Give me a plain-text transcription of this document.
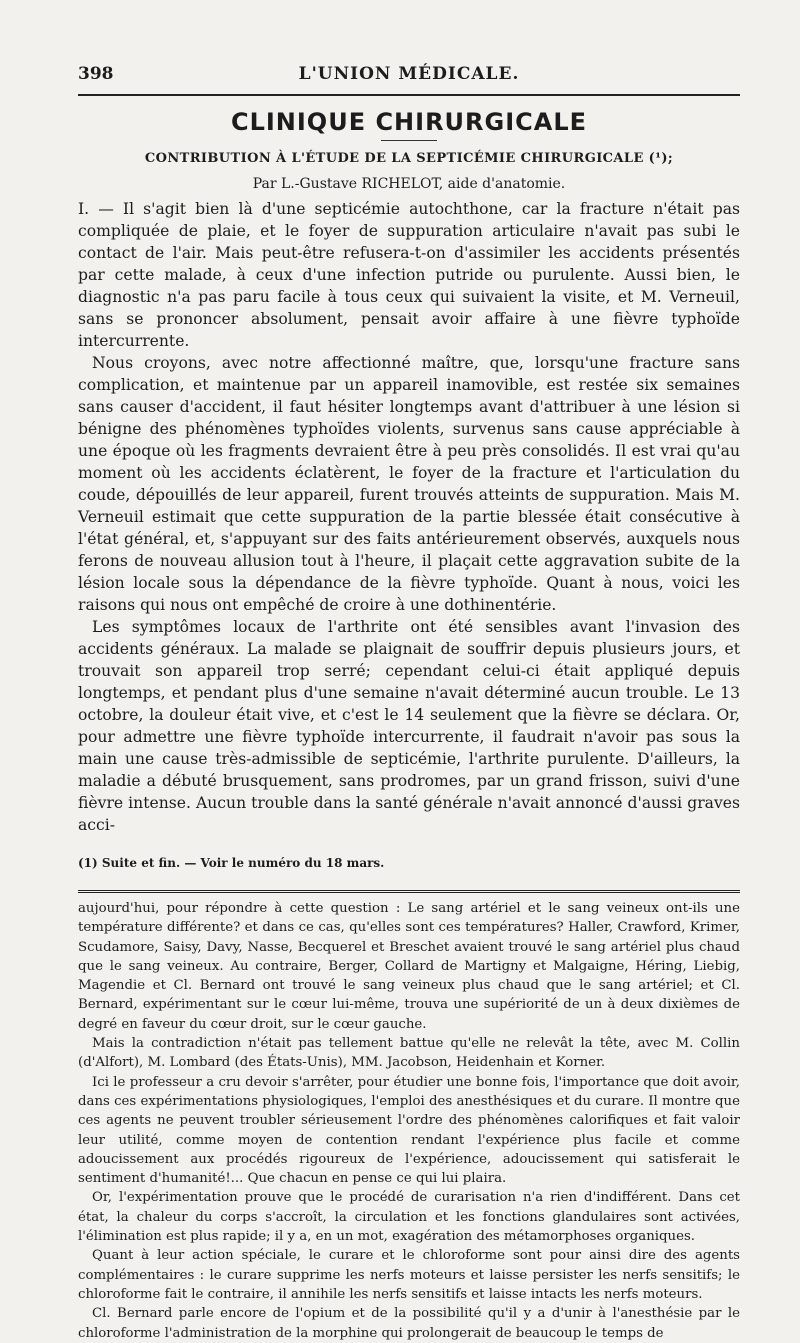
398	L'UNION MÉDICALE.
CLINIQUE CHIRURGICALE
CONTRIBUTION À L'ÉTUDE DE LA SEPTICÉMIE CHIRURGICALE (¹);
Par L.-Gustave RICHELOT, aide d'anatomie.

I. — Il s'agit bien là d'une septicémie autochthone, car la fracture n'était pas compliquée de plaie, et le foyer de suppuration articulaire n'avait pas subi le contact de l'air. Mais peut-être refusera-t-on d'assimiler les accidents présentés par cette malade, à ceux d'une infection putride ou purulente. Aussi bien, le diagnostic n'a pas paru facile à tous ceux qui suivaient la visite, et M. Verneuil, sans se prononcer absolument, pensait avoir affaire à une fièvre typhoïde intercurrente.

Nous croyons, avec notre affectionné maître, que, lorsqu'une fracture sans complication, et maintenue par un appareil inamovible, est restée six semaines sans causer d'accident, il faut hésiter longtemps avant d'attribuer à une lésion si bénigne des phénomènes typhoïdes violents, survenus sans cause appréciable à une époque où les fragments devraient être à peu près consolidés. Il est vrai qu'au moment où les accidents éclatèrent, le foyer de la fracture et l'articulation du coude, dépouillés de leur appareil, furent trouvés atteints de suppuration. Mais M. Verneuil estimait que cette suppuration de la partie blessée était consécutive à l'état général, et, s'appuyant sur des faits antérieurement observés, auxquels nous ferons de nouveau allusion tout à l'heure, il plaçait cette aggravation subite de la lésion locale sous la dépendance de la fièvre typhoïde. Quant à nous, voici les raisons qui nous ont empêché de croire à une dothinentérie.

Les symptômes locaux de l'arthrite ont été sensibles avant l'invasion des accidents généraux. La malade se plaignait de souffrir depuis plusieurs jours, et trouvait son appareil trop serré; cependant celui-ci était appliqué depuis longtemps, et pendant plus d'une semaine n'avait déterminé aucun trouble. Le 13 octobre, la douleur était vive, et c'est le 14 seulement que la fièvre se déclara. Or, pour admettre une fièvre typhoïde intercurrente, il faudrait n'avoir pas sous la main une cause très-admissible de septicémie, l'arthrite purulente. D'ailleurs, la maladie a débuté brusquement, sans prodromes, par un grand frisson, suivi d'une fièvre intense. Aucun trouble dans la santé générale n'avait annoncé d'aussi graves acci-

(1) Suite et fin. — Voir le numéro du 18 mars.

aujourd'hui, pour répondre à cette question : Le sang artériel et le sang veineux ont-ils une température différente? et dans ce cas, qu'elles sont ces températures? Haller, Crawford, Krimer, Scudamore, Saisy, Davy, Nasse, Becquerel et Breschet avaient trouvé le sang artériel plus chaud que le sang veineux. Au contraire, Berger, Collard de Martigny et Malgaigne, Héring, Liebig, Magendie et Cl. Bernard ont trouvé le sang veineux plus chaud que le sang artériel; et Cl. Bernard, expérimentant sur le cœur lui-même, trouva une supériorité de un à deux dixièmes de degré en faveur du cœur droit, sur le cœur gauche.

Mais la contradiction n'était pas tellement battue qu'elle ne relevât la tête, avec M. Collin (d'Alfort), M. Lombard (des États-Unis), MM. Jacobson, Heidenhain et Korner.

Ici le professeur a cru devoir s'arrêter, pour étudier une bonne fois, l'importance que doit avoir, dans ces expérimentations physiologiques, l'emploi des anesthésiques et du curare. Il montre que ces agents ne peuvent troubler sérieusement l'ordre des phénomènes calorifiques et fait valoir leur utilité, comme moyen de contention rendant l'expérience plus facile et comme adoucissement aux procédés rigoureux de l'expérience, adoucissement qui satisferait le sentiment d'humanité!... Que chacun en pense ce qui lui plaira.

Or, l'expérimentation prouve que le procédé de curarisation n'a rien d'indifférent. Dans cet état, la chaleur du corps s'accroît, la circulation et les fonctions glandulaires sont activées, l'élimination est plus rapide; il y a, en un mot, exagération des métamorphoses organiques.

Quant à leur action spéciale, le curare et le chloroforme sont pour ainsi dire des agents complémentaires : le curare supprime les nerfs moteurs et laisse persister les nerfs sensitifs; le chloroforme fait le contraire, il annihile les nerfs sensitifs et laisse intacts les nerfs moteurs.

Cl. Bernard parle encore de l'opium et de la possibilité qu'il y a d'unir à l'anesthésie par le chloroforme l'administration de la morphine qui prolongerait de beaucoup le temps de
